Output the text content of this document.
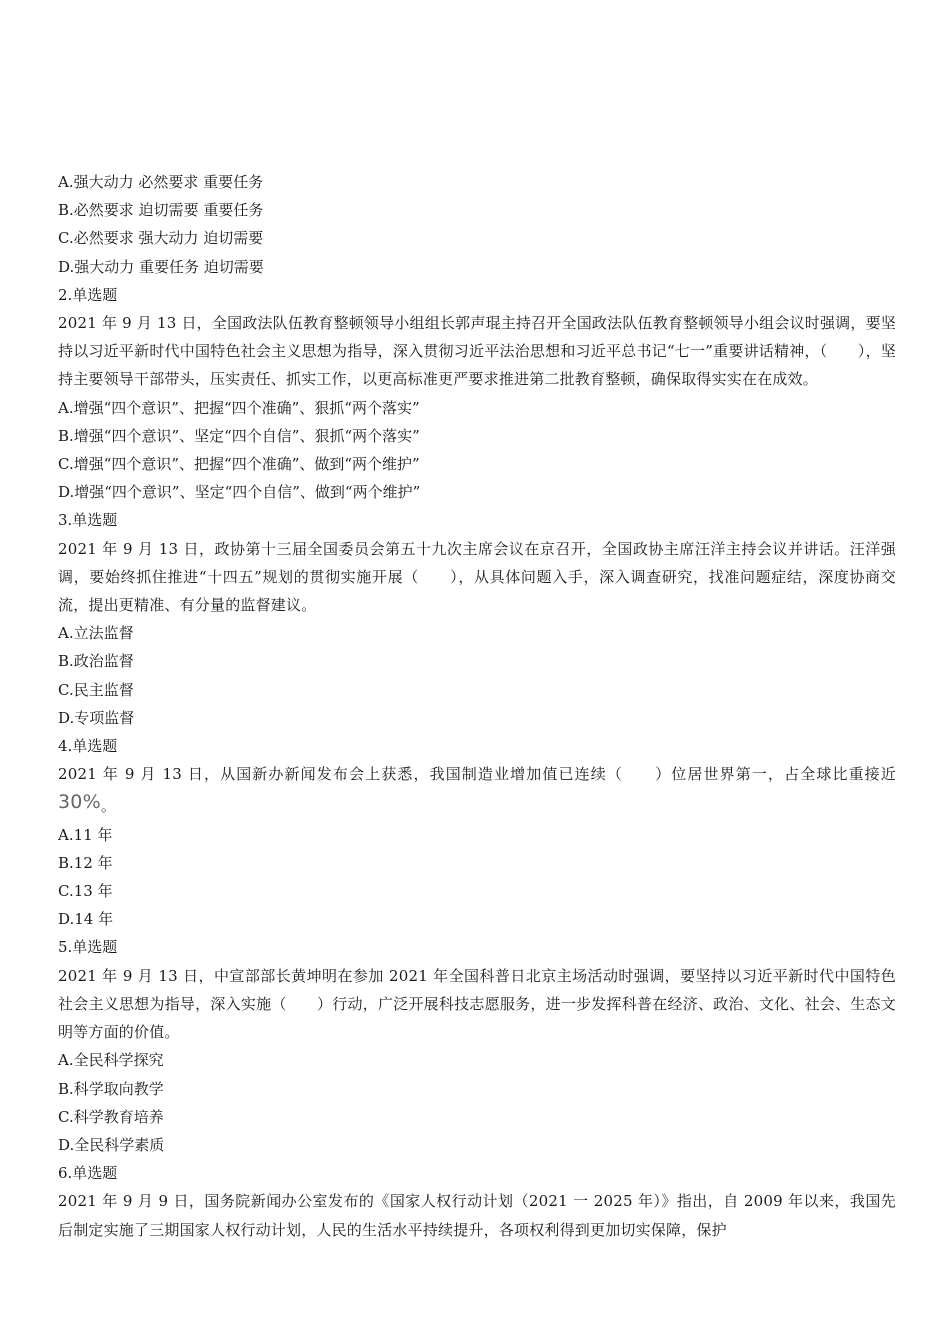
A.强大动力 必然要求 重要任务
B.必然要求 迫切需要 重要任务
C.必然要求 强大动力 迫切需要
D.强大动力 重要任务 迫切需要
2.单选题
2021 年 9 月 13 日，全国政法队伍教育整顿领导小组组长郭声琨主持召开全国政法队伍教育整顿领导小组会议时强调，要坚持以习近平新时代中国特色社会主义思想为指导，深入贯彻习近平法治思想和习近平总书记“七一”重要讲话精神，（　　），坚持主要领导干部带头，压实责任、抓实工作，以更高标准更严要求推进第二批教育整顿，确保取得实实在在成效。
A.增强“四个意识”、把握“四个准确”、狠抓“两个落实”
B.增强“四个意识”、坚定“四个自信”、狠抓“两个落实”
C.增强“四个意识”、把握“四个准确”、做到“两个维护”
D.增强“四个意识”、坚定“四个自信”、做到“两个维护”
3.单选题
2021 年 9 月 13 日，政协第十三届全国委员会第五十九次主席会议在京召开，全国政协主席汪洋主持会议并讲话。汪洋强调，要始终抓住推进“十四五”规划的贯彻实施开展（　　），从具体问题入手，深入调查研究，找准问题症结，深度协商交流，提出更精准、有分量的监督建议。
A.立法监督
B.政治监督
C.民主监督
D.专项监督
4.单选题
2021 年 9 月 13 日，从国新办新闻发布会上获悉，我国制造业增加值已连续（　　）位居世界第一，占全球比重接近30%。
A.11 年
B.12 年
C.13 年
D.14 年
5.单选题
2021 年 9 月 13 日，中宣部部长黄坤明在参加 2021 年全国科普日北京主场活动时强调，要坚持以习近平新时代中国特色社会主义思想为指导，深入实施（　　）行动，广泛开展科技志愿服务，进一步发挥科普在经济、政治、文化、社会、生态文明等方面的价值。
A.全民科学探究
B.科学取向教学
C.科学教育培养
D.全民科学素质
6.单选题
2021 年 9 月 9 日，国务院新闻办公室发布的《国家人权行动计划（2021 一 2025 年）》指出，自 2009 年以来，我国先后制定实施了三期国家人权行动计划，人民的生活水平持续提升，各项权利得到更加切实保障，保护
